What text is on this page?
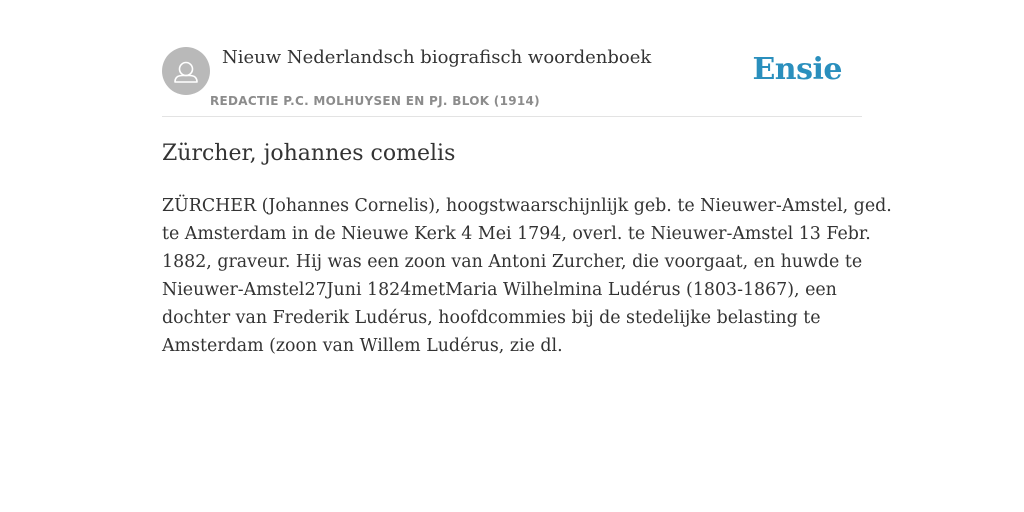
Nieuw Nederlandsch biografisch woordenboek
REDACTIE P.C. MOLHUYSEN EN PJ. BLOK (1914)
Ensie
Zürcher, johannes comelis

ZÜRCHER (Johannes Cornelis), hoogstwaarschijnlijk geb. te Nieuwer-Amstel, ged.
te Amsterdam in de Nieuwe Kerk 4 Mei 1794, overl. te Nieuwer-Amstel 13 Febr.
1882, graveur. Hij was een zoon van Antoni Zurcher, die voorgaat, en huwde te
Nieuwer-Amstel27Juni 1824metMaria Wilhelmina Ludérus (1803-1867), een
dochter van Frederik Ludérus, hoofdcommies bij de stedelijke belasting te
Amsterdam (zoon van Willem Ludérus, zie dl.
